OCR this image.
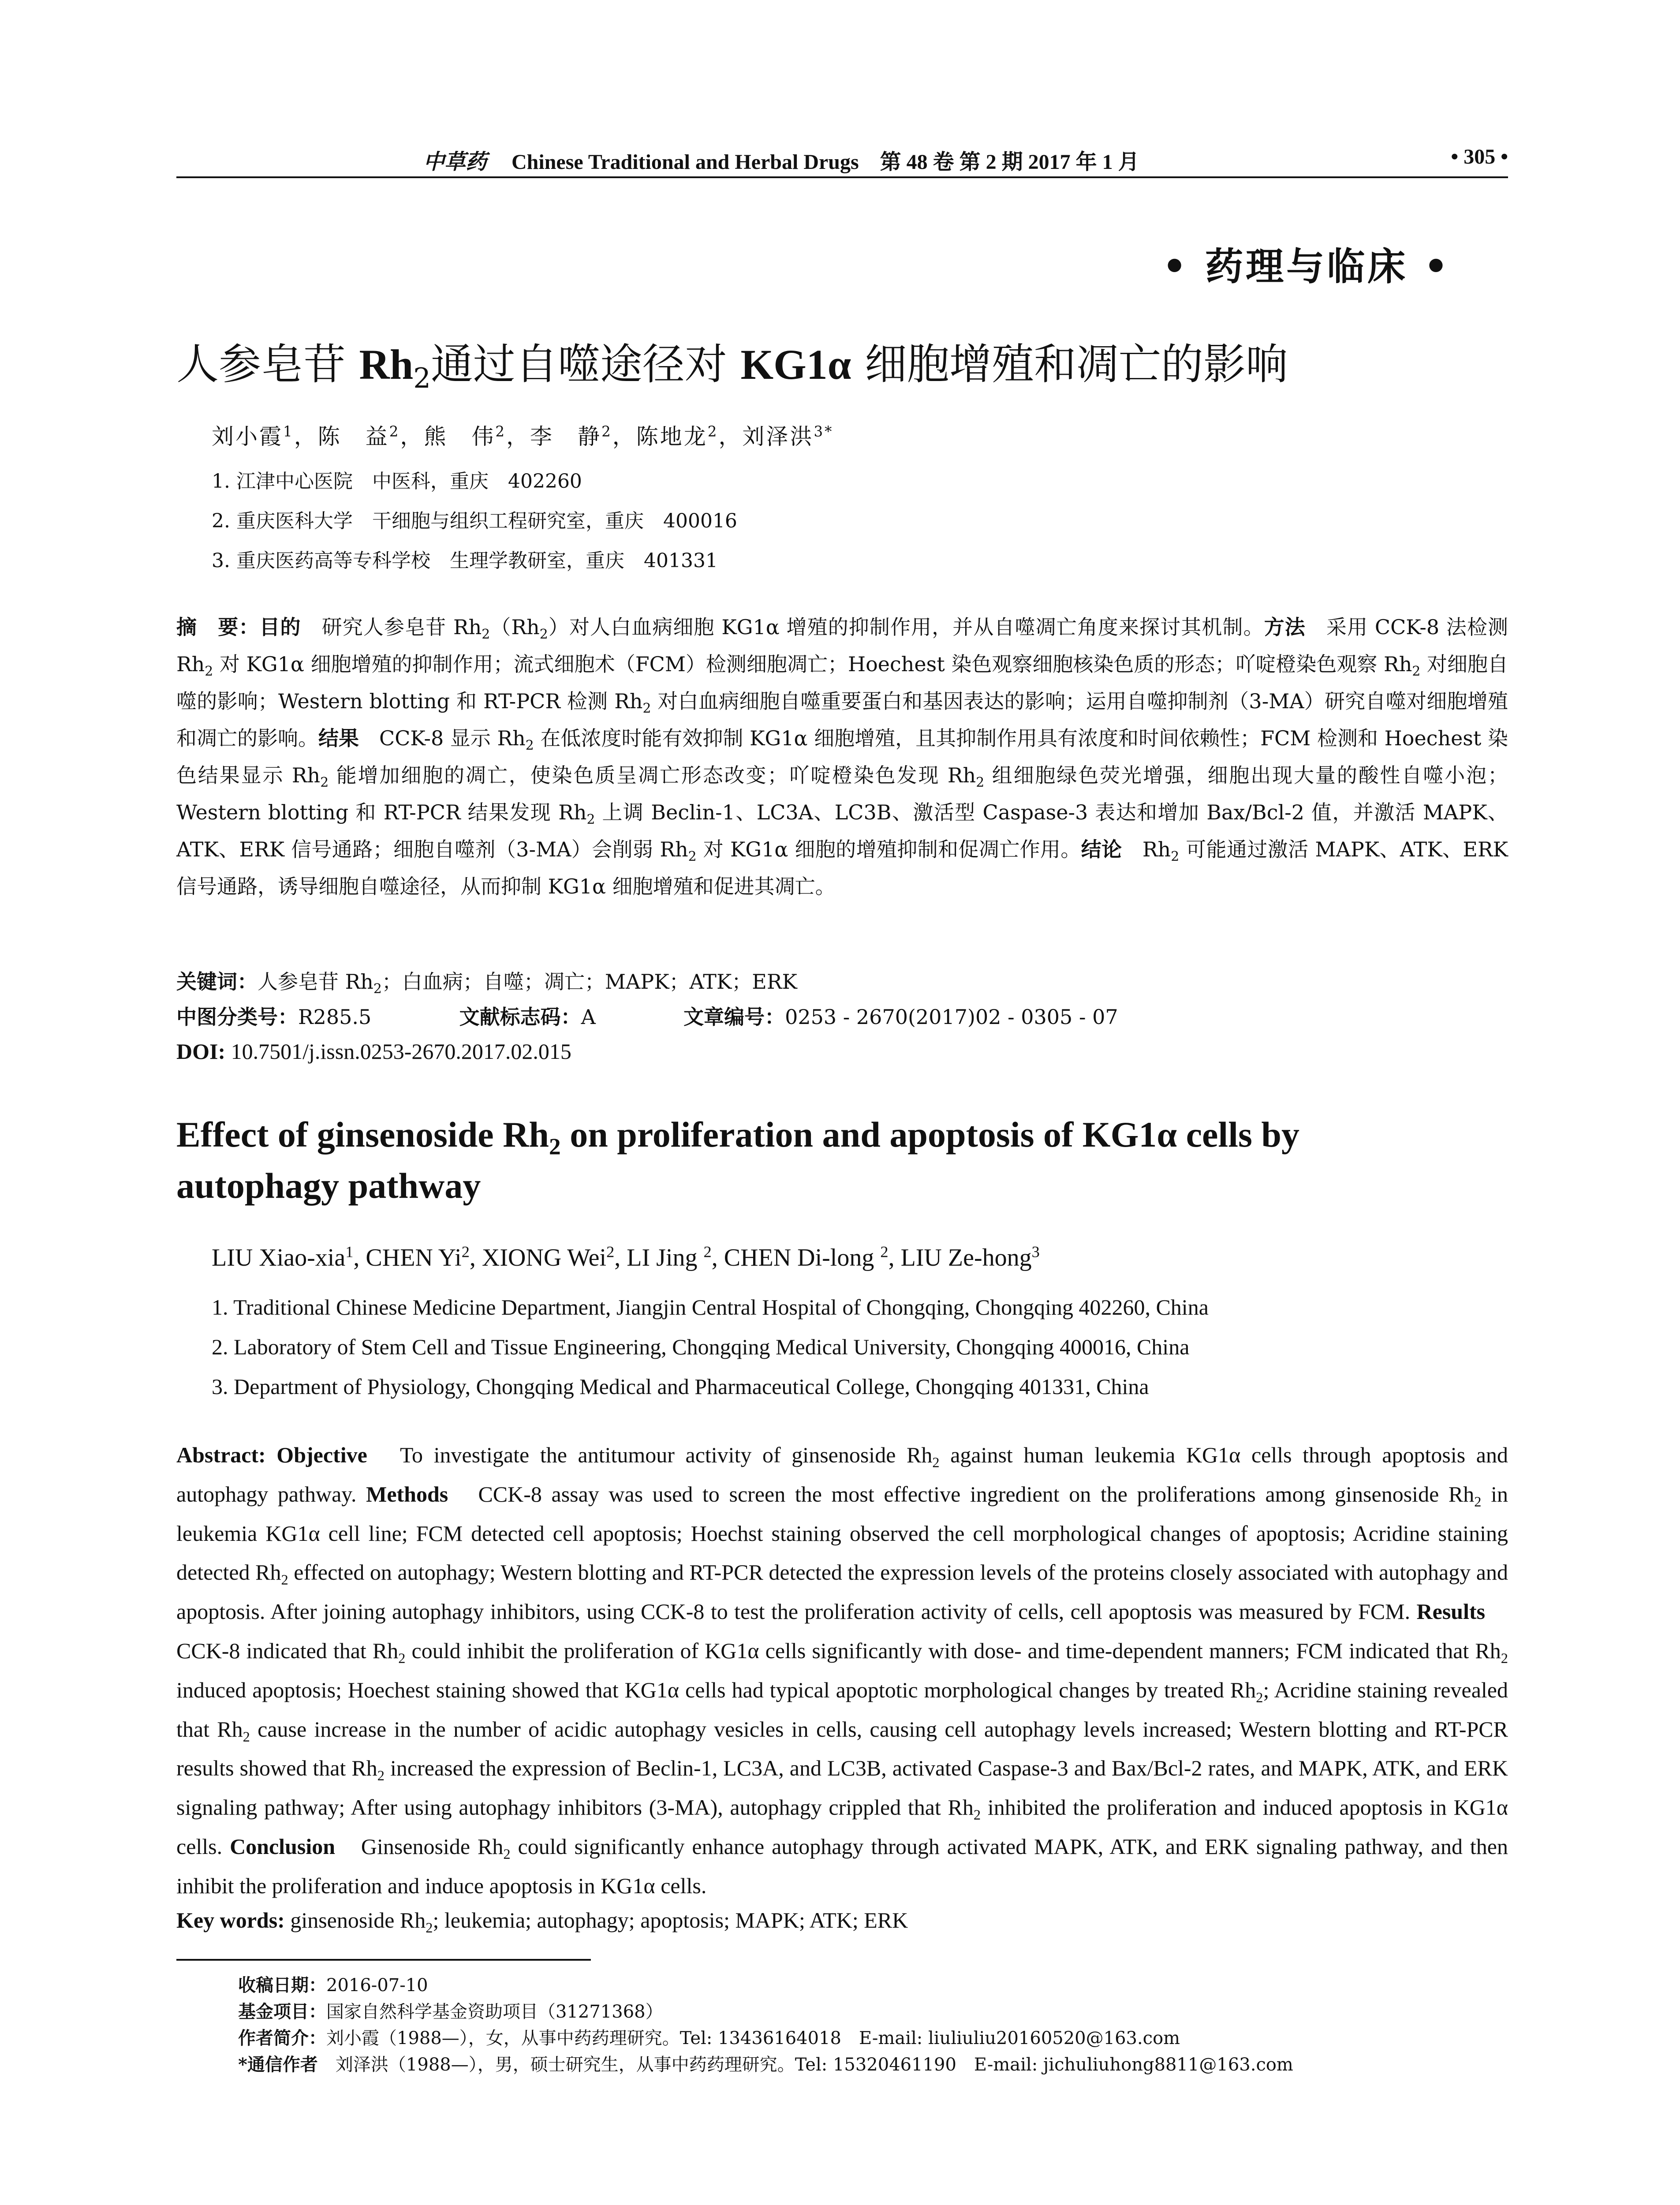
中草药 Chinese Traditional and Herbal Drugs　第 48 卷 第 2 期 2017 年 1 月	• 305 •
• 药理与临床 •
人参皂苷 $Rh_2$通过自噬途径对 KG1α 细胞增殖和凋亡的影响
刘小霞$^1$，陈　益$^2$，熊　伟$^2$，李　静$^2$，陈地龙$^2$，刘泽洪$^{3*}$
1. 江津中心医院　中医科，重庆　402260
2. 重庆医科大学　干细胞与组织工程研究室，重庆　400016
3. 重庆医药高等专科学校　生理学教研室，重庆　401331
摘　要：目的　研究人参皂苷 $Rh_2(Rh_2)$对人白血病细胞 KG1α 增殖的抑制作用，并从自噬凋亡角度来探讨其机制。方法　采用 CCK-8 法检测 $Rh_2$ 对 KG1α 细胞增殖的抑制作用；流式细胞术（FCM）检测细胞凋亡；Hoechest 染色观察细胞核染色质的形态；吖啶橙染色观察 $Rh_2$ 对细胞自噬的影响；Western blotting 和 RT-PCR 检测 $Rh_2$ 对白血病细胞自噬重要蛋白和基因表达的影响；运用自噬抑制剂（3-MA）研究自噬对细胞增殖和凋亡的影响。结果　CCK-8 显示 $Rh_2$ 在低浓度时能有效抑制 KG1α 细胞增殖，且其抑制作用具有浓度和时间依赖性；FCM 检测和 Hoechest 染色结果显示 $Rh_2$ 能增加细胞的凋亡，使染色质呈凋亡形态改变；吖啶橙染色发现 $Rh_2$ 组细胞绿色荧光增强，细胞出现大量的酸性自噬小泡；Western blotting 和 RT-PCR 结果发现 $Rh_2$ 上调 Beclin-1、LC3A、LC3B、激活型 Caspase-3 表达和增加 Bax/Bcl-2 值，并激活 MAPK、ATK、ERK 信号通路；细胞自噬剂（3-MA）会削弱 $Rh_2$ 对 KG1α 细胞的增殖抑制和促凋亡作用。结论　$Rh_2$ 可能通过激活 MAPK、ATK、ERK 信号通路，诱导细胞自噬途径，从而抑制 KG1α 细胞增殖和促进其凋亡。
关键词：人参皂苷 $Rh_2$；白血病；自噬；凋亡；MAPK；ATK；ERK
中图分类号：R285.5	文献标志码：A	文章编号：0253 - 2670(2017)02 - 0305 - 07
DOI: 10.7501/j.issn.0253-2670.2017.02.015
Effect of ginsenoside $Rh_2$ on proliferation and apoptosis of KG1α cells by autophagy pathway
LIU Xiao-xia$^1$, CHEN Yi$^2$, XIONG Wei$^2$, LI Jing $^2$, CHEN Di-long $^2$, LIU Ze-hong$^3$
1. Traditional Chinese Medicine Department, Jiangjin Central Hospital of Chongqing, Chongqing 402260, China
2. Laboratory of Stem Cell and Tissue Engineering, Chongqing Medical University, Chongqing 400016, China
3. Department of Physiology, Chongqing Medical and Pharmaceutical College, Chongqing 401331, China
Abstract: Objective　To investigate the antitumour activity of ginsenoside $Rh_2$ against human leukemia KG1α cells through apoptosis and autophagy pathway. Methods　CCK-8 assay was used to screen the most effective ingredient on the proliferations among ginsenoside $Rh_2$ in leukemia KG1α cell line; FCM detected cell apoptosis; Hoechst staining observed the cell morphological changes of apoptosis; Acridine staining detected $Rh_2$ effected on autophagy; Western blotting and RT-PCR detected the expression levels of the proteins closely associated with autophagy and apoptosis. After joining autophagy inhibitors, using CCK-8 to test the proliferation activity of cells, cell apoptosis was measured by FCM. Results　CCK-8 indicated that $Rh_2$ could inhibit the proliferation of KG1α cells significantly with dose- and time-dependent manners; FCM indicated that $Rh_2$ induced apoptosis; Hoechest staining showed that KG1α cells had typical apoptotic morphological changes by treated $Rh_2$; Acridine staining revealed that $Rh_2$ cause increase in the number of acidic autophagy vesicles in cells, causing cell autophagy levels increased; Western blotting and RT-PCR results showed that $Rh_2$ increased the expression of Beclin-1, LC3A, and LC3B, activated Caspase-3 and Bax/Bcl-2 rates, and MAPK, ATK, and ERK signaling pathway; After using autophagy inhibitors (3-MA), autophagy crippled that $Rh_2$ inhibited the proliferation and induced apoptosis in KG1α cells. Conclusion　Ginsenoside $Rh_2$ could significantly enhance autophagy through activated MAPK, ATK, and ERK signaling pathway, and then inhibit the proliferation and induce apoptosis in KG1α cells.
Key words: ginsenoside $Rh_2$; leukemia; autophagy; apoptosis; MAPK; ATK; ERK
收稿日期：2016-07-10
基金项目：国家自然科学基金资助项目（31271368）
作者简介：刘小霞（1988—），女，从事中药药理研究。Tel: 13436164018　E-mail: liuliuliu20160520@163.com
*通信作者　刘泽洪（1988—），男，硕士研究生，从事中药药理研究。Tel: 15320461190　E-mail: jichuliuhong8811@163.com
